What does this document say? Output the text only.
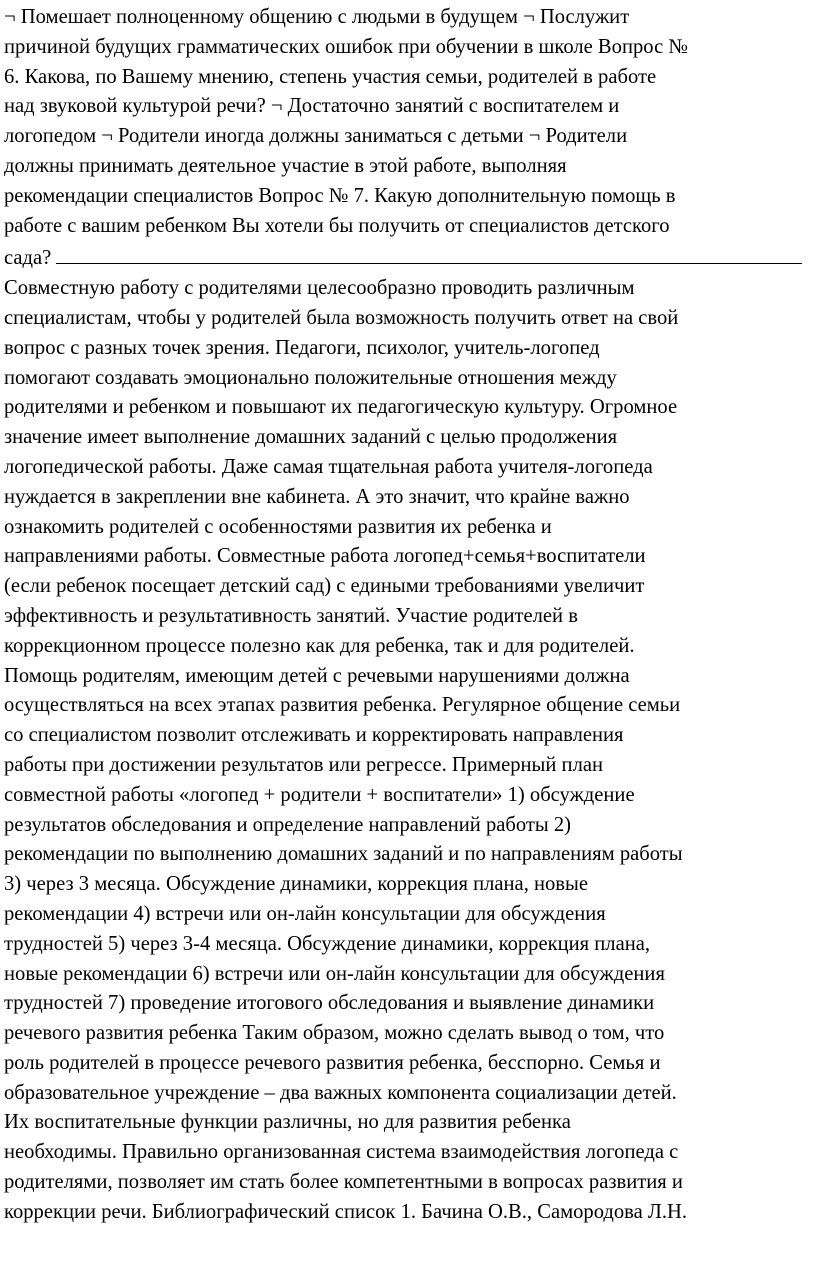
¬ Помешает полноценному общению с людьми в будущем ¬ Послужит
причиной будущих грамматических ошибок при обучении в школе Вопрос №
6. Какова, по Вашему мнению, степень участия семьи, родителей в работе
над звуковой культурой речи? ¬ Достаточно занятий с воспитателем и
логопедом ¬ Родители иногда должны заниматься с детьми ¬ Родители
должны принимать деятельное участие в этой работе, выполняя
рекомендации специалистов Вопрос № 7. Какую дополнительную помощь в
работе с вашим ребенком Вы хотели бы получить от специалистов детского
сада?
Совместную работу с родителями целесообразно проводить различным
специалистам, чтобы у родителей была возможность получить ответ на свой
вопрос с разных точек зрения. Педагоги, психолог, учитель-логопед
помогают создавать эмоционально положительные отношения между
родителями и ребенком и повышают их педагогическую культуру. Огромное
значение имеет выполнение домашних заданий с целью продолжения
логопедической работы. Даже самая тщательная работа учителя-логопеда
нуждается в закреплении вне кабинета. А это значит, что крайне важно
ознакомить родителей с особенностями развития их ребенка и
направлениями работы. Совместные работа логопед+семья+воспитатели
(если ребенок посещает детский сад) с едиными требованиями увеличит
эффективность и результативность занятий. Участие родителей в
коррекционном процессе полезно как для ребенка, так и для родителей.
Помощь родителям, имеющим детей с речевыми нарушениями должна
осуществляться на всех этапах развития ребенка. Регулярное общение семьи
со специалистом позволит отслеживать и корректировать направления
работы при достижении результатов или регрессе. Примерный план
совместной работы «логопед + родители + воспитатели» 1) обсуждение
результатов обследования и определение направлений работы 2)
рекомендации по выполнению домашних заданий и по направлениям работы
3) через 3 месяца. Обсуждение динамики, коррекция плана, новые
рекомендации 4) встречи или он-лайн консультации для обсуждения
трудностей 5) через 3-4 месяца. Обсуждение динамики, коррекция плана,
новые рекомендации 6) встречи или он-лайн консультации для обсуждения
трудностей 7) проведение итогового обследования и выявление динамики
речевого развития ребенка Таким образом, можно сделать вывод о том, что
роль родителей в процессе речевого развития ребенка, бесспорно. Семья и
образовательное учреждение – два важных компонента социализации детей.
Их воспитательные функции различны, но для развития ребенка
необходимы. Правильно организованная система взаимодействия логопеда с
родителями, позволяет им стать более компетентными в вопросах развития и
коррекции речи. Библиографический список 1. Бачина О.В., Самородова Л.Н.
